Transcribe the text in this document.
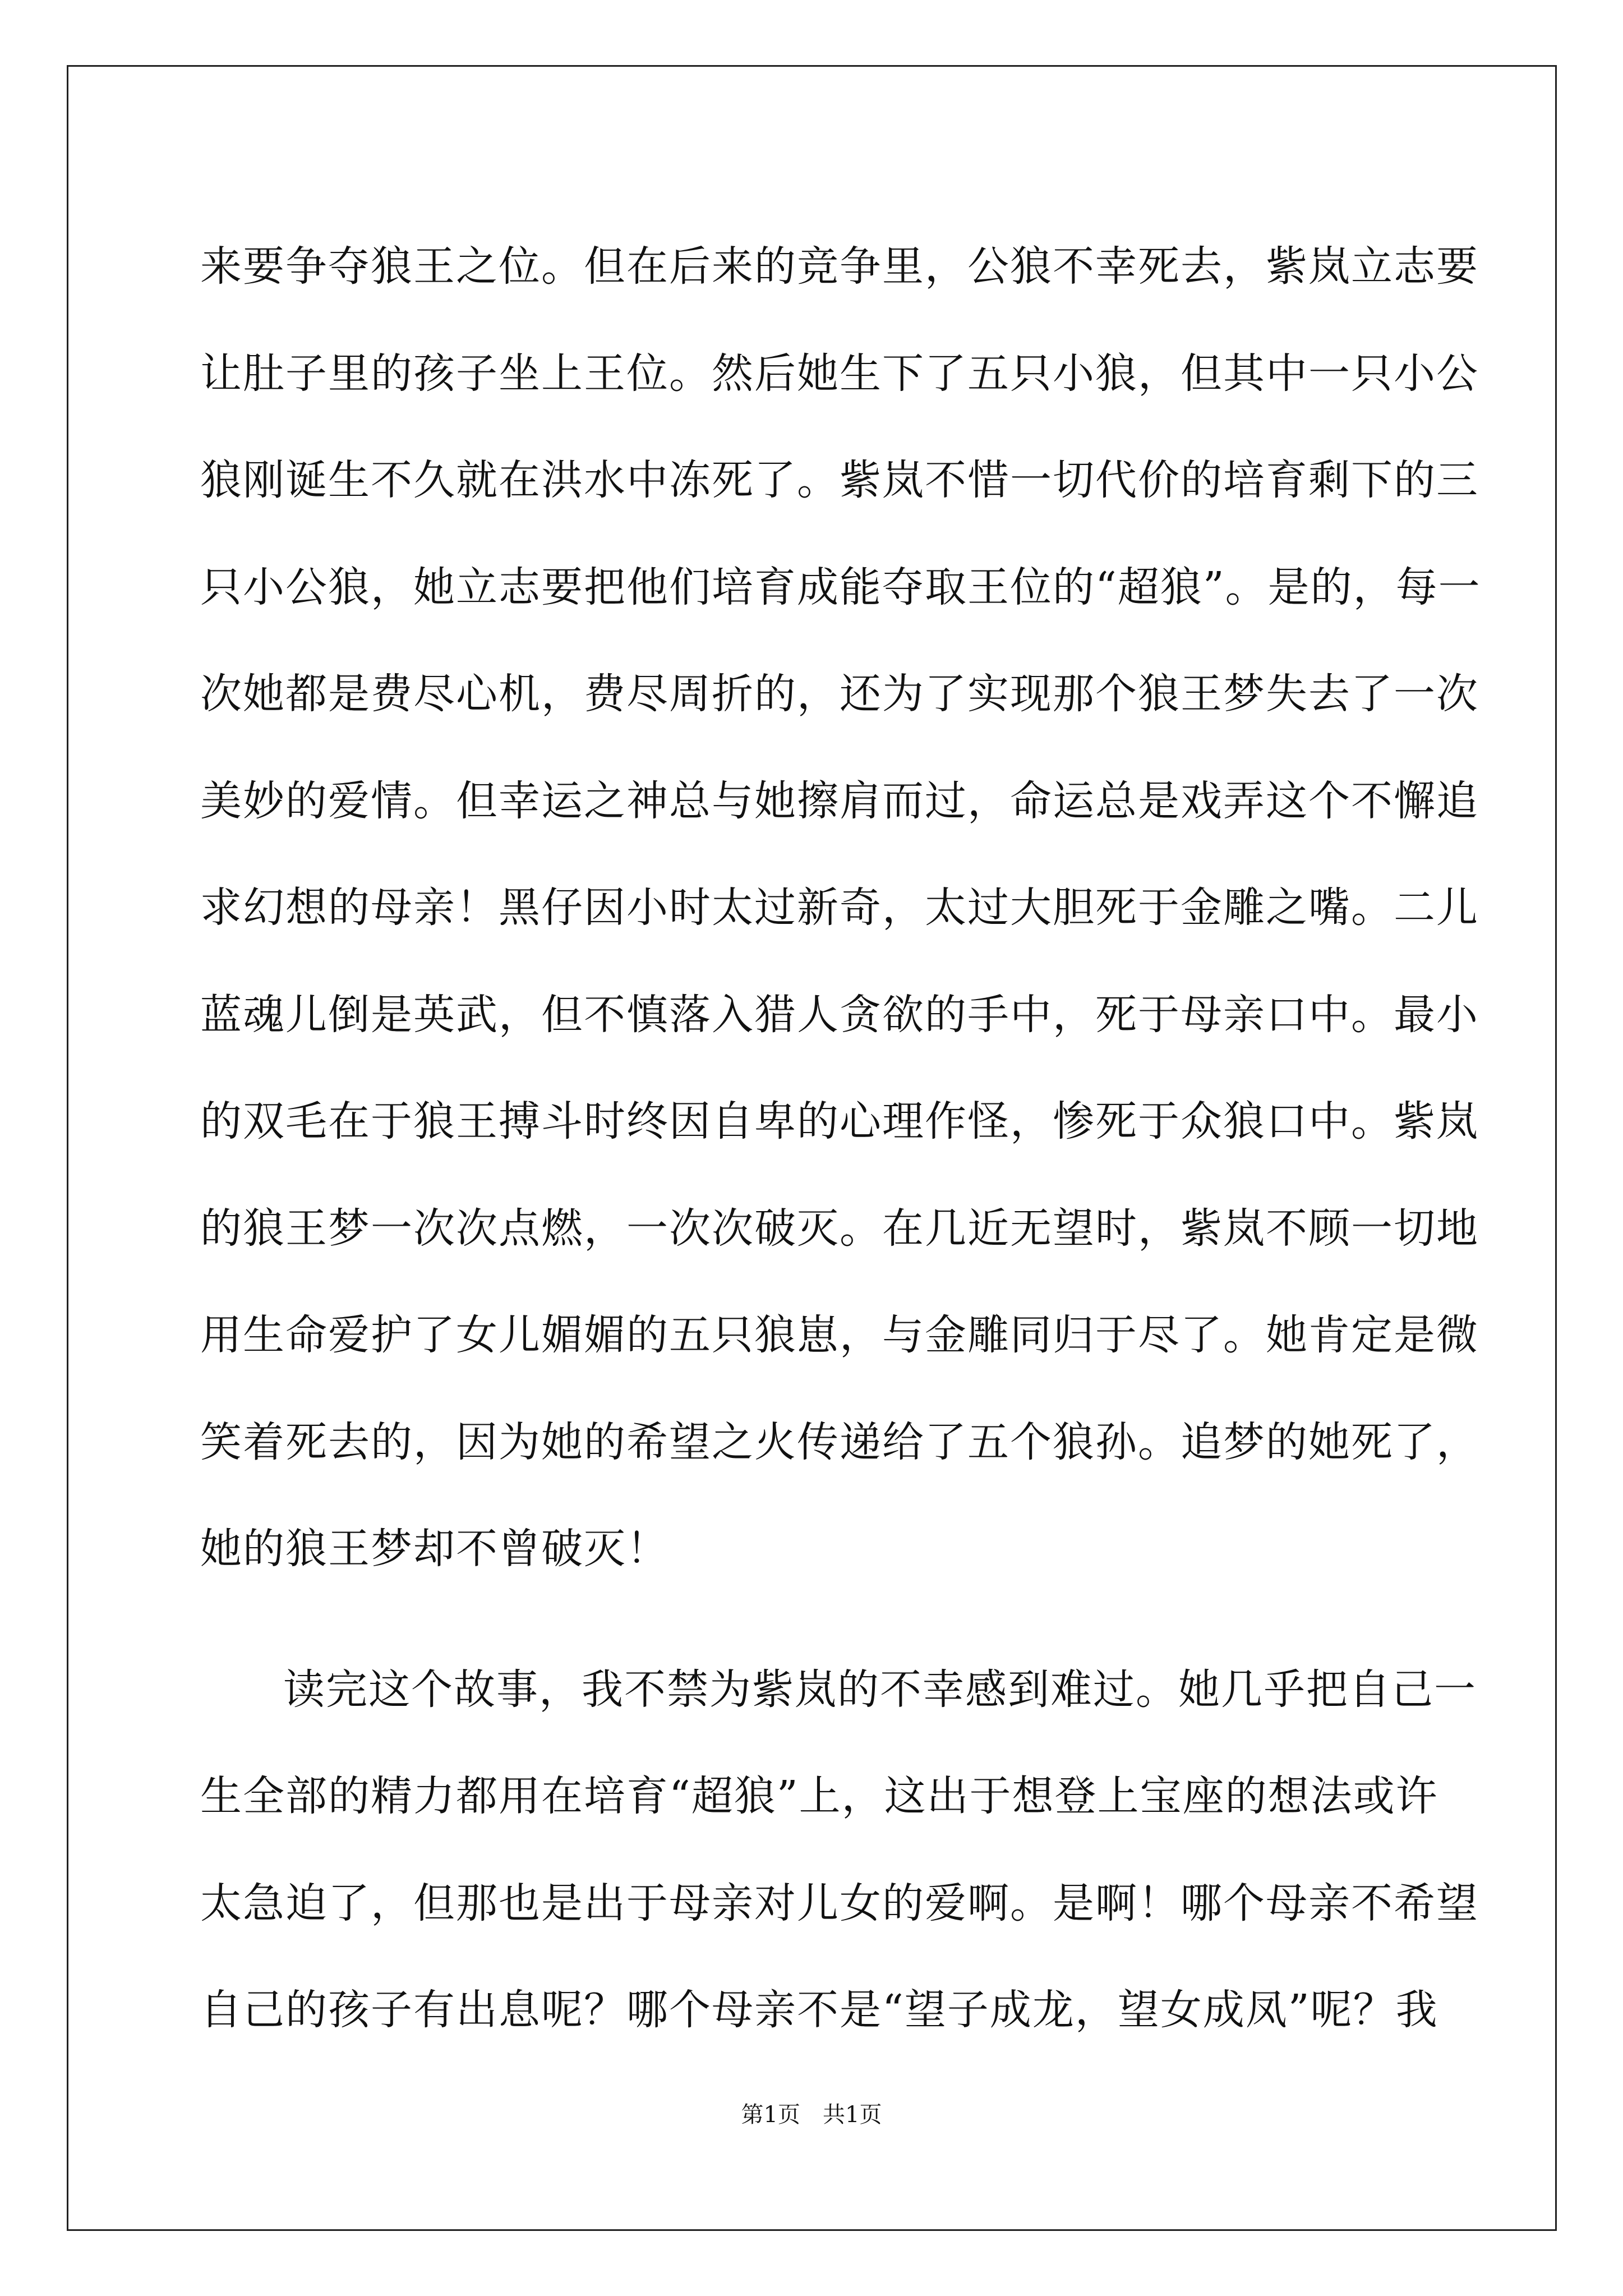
来要争夺狼王之位。但在后来的竞争里，公狼不幸死去，紫岚立志要
让肚子里的孩子坐上王位。然后她生下了五只小狼，但其中一只小公
狼刚诞生不久就在洪水中冻死了。紫岚不惜一切代价的培育剩下的三
只小公狼，她立志要把他们培育成能夺取王位的“超狼”。是的，每一
次她都是费尽心机，费尽周折的，还为了实现那个狼王梦失去了一次
美妙的爱情。但幸运之神总与她擦肩而过，命运总是戏弄这个不懈追
求幻想的母亲！黑仔因小时太过新奇，太过大胆死于金雕之嘴。二儿
蓝魂儿倒是英武，但不慎落入猎人贪欲的手中，死于母亲口中。最小
的双毛在于狼王搏斗时终因自卑的心理作怪，惨死于众狼口中。紫岚
的狼王梦一次次点燃，一次次破灭。在几近无望时，紫岚不顾一切地
用生命爱护了女儿媚媚的五只狼崽，与金雕同归于尽了。她肯定是微
笑着死去的，因为她的希望之火传递给了五个狼孙。追梦的她死了，
她的狼王梦却不曾破灭！
读完这个故事，我不禁为紫岚的不幸感到难过。她几乎把自己一
生全部的精力都用在培育“超狼”上，这出于想登上宝座的想法或许
太急迫了，但那也是出于母亲对儿女的爱啊。是啊！哪个母亲不希望
自己的孩子有出息呢？哪个母亲不是“望子成龙，望女成凤”呢？我
第1页 共1页
